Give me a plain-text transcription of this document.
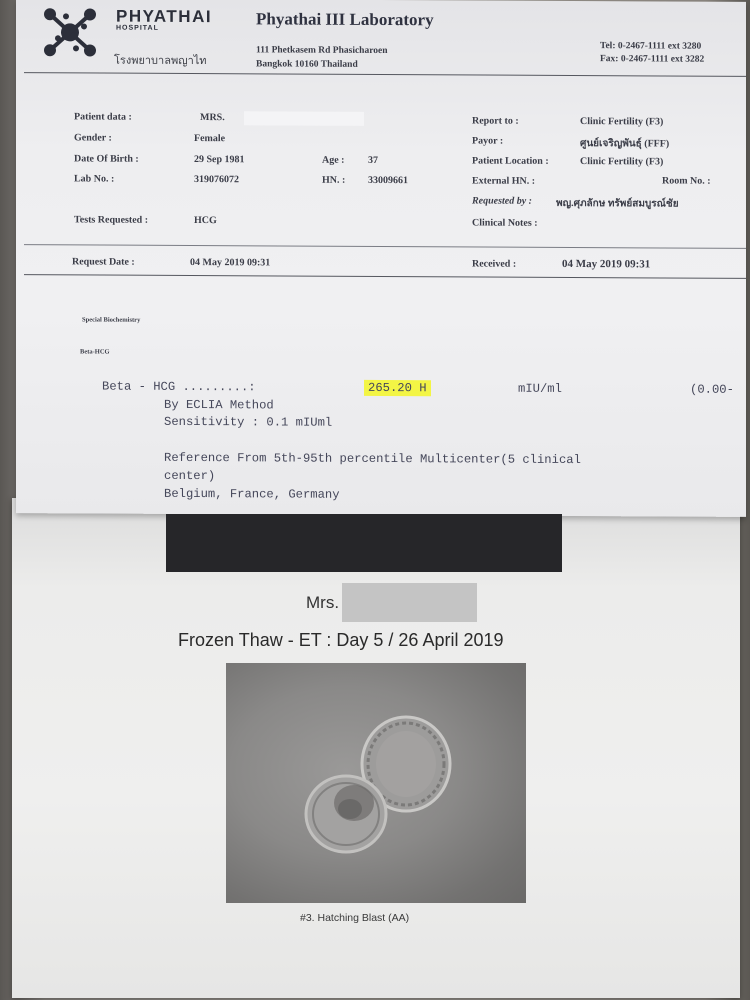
PHYATHAI
HOSPITAL
โรงพยาบาลพญาไท
Phyathai III Laboratory
111 Phetkasem Rd Phasicharoen
Bangkok 10160 Thailand
Tel: 0-2467-1111 ext 3280
Fax: 0-2467-1111 ext 3282
Patient data :	MRS.
Gender :	Female
Date Of Birth :	29 Sep 1981	Age : 37
Lab No. :	319076072	HN. : 33009661
Tests Requested :	HCG
Report to :	Clinic Fertility (F3)
Payor :	ศูนย์เจริญพันธุ์ (FFF)
Patient Location :	Clinic Fertility (F3)
External HN. :	Room No. :
Requested by : พญ.ศุภลักษ ทรัพย์สมบูรณ์ชัย
Clinical Notes :
Request Date :	04 May 2019 09:31	Received :	04 May 2019 09:31
Special Biochemistry
Beta-HCG
Beta - HCG .........:	265.20 H	mIU/ml	(0.00-
By ECLIA Method
Sensitivity : 0.1 mIUml
Reference From 5th-95th percentile Multicenter(5 clinical
center)
Belgium, France, Germany
Mrs.
Frozen Thaw - ET : Day 5 / 26 April 2019
#3. Hatching Blast (AA)
